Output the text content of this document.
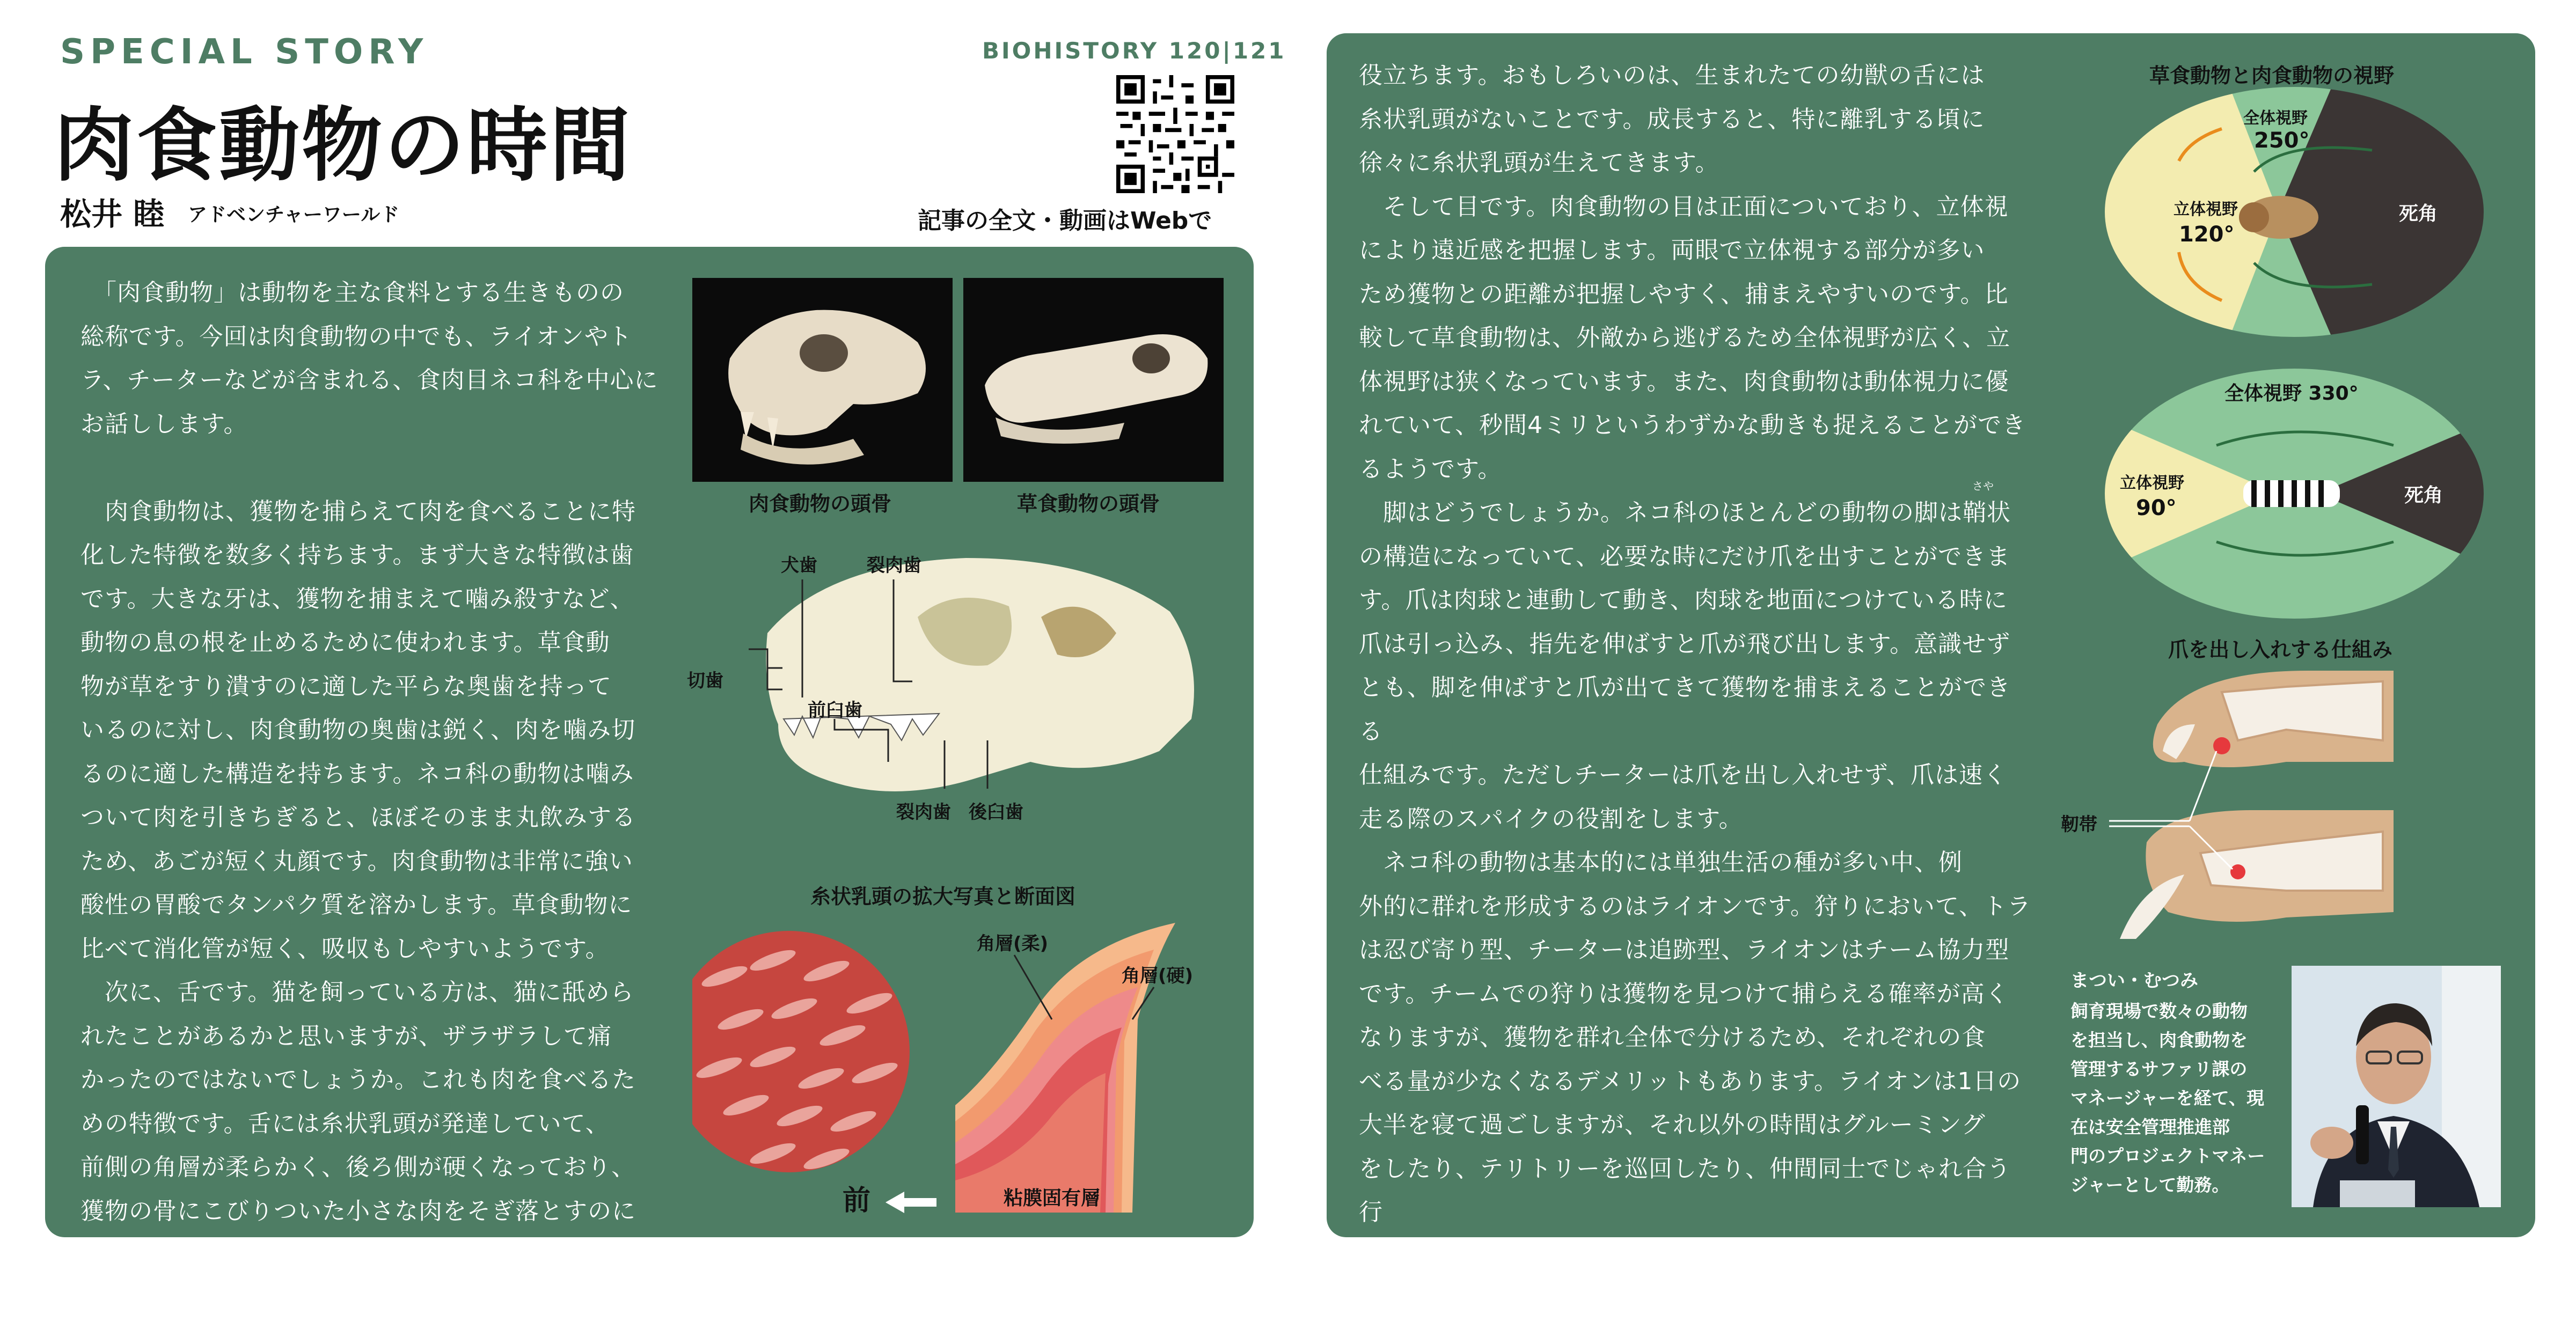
SPECIAL STORY
肉食動物の時間
松井 睦 アドベンチャーワールド
BIOHISTORY 120|121
記事の全文・動画はWebで

　「肉食動物」は動物を主な食料とする生きものの
総称です。今回は肉食動物の中でも、ライオンやト
ラ、チーターなどが含まれる、食肉目ネコ科を中心に
お話しします。

　肉食動物は、獲物を捕らえて肉を食べることに特
化した特徴を数多く持ちます。まず大きな特徴は歯
です。大きな牙は、獲物を捕まえて噛み殺すなど、
動物の息の根を止めるために使われます。草食動
物が草をすり潰すのに適した平らな奥歯を持って
いるのに対し、肉食動物の奥歯は鋭く、肉を噛み切
るのに適した構造を持ちます。ネコ科の動物は噛み
ついて肉を引きちぎると、ほぼそのまま丸飲みする
ため、あごが短く丸顔です。肉食動物は非常に強い
酸性の胃酸でタンパク質を溶かします。草食動物に
比べて消化管が短く、吸収もしやすいようです。
　次に、舌です。猫を飼っている方は、猫に舐めら
れたことがあるかと思いますが、ザラザラして痛
かったのではないでしょうか。これも肉を食べるた
めの特徴です。舌には糸状乳頭が発達していて、
前側の角層が柔らかく、後ろ側が硬くなっており、
獲物の骨にこびりついた小さな肉をそぎ落とすのに

肉食動物の頭骨	草食動物の頭骨
犬歯	裂肉歯
切歯
前臼歯
裂肉歯 後臼歯
糸状乳頭の拡大写真と断面図
角層(柔)
角層(硬)
粘膜固有層
前

役立ちます。おもしろいのは、生まれたての幼獣の舌には
糸状乳頭がないことです。成長すると、特に離乳する頃に
徐々に糸状乳頭が生えてきます。
　そして目です。肉食動物の目は正面についており、立体視
により遠近感を把握します。両眼で立体視する部分が多い
ため獲物との距離が把握しやすく、捕まえやすいのです。比
較して草食動物は、外敵から逃げるため全体視野が広く、立
体視野は狭くなっています。また、肉食動物は動体視力に優
れていて、秒間4ミリというわずかな動きも捉えることができ
るようです。
　脚はどうでしょうか。ネコ科のほとんどの動物の脚は鞘状
の構造になっていて、必要な時にだけ爪を出すことができま
す。爪は肉球と連動して動き、肉球を地面につけている時に
爪は引っ込み、指先を伸ばすと爪が飛び出します。意識せず
とも、脚を伸ばすと爪が出てきて獲物を捕まえることができる
仕組みです。ただしチーターは爪を出し入れせず、爪は速く
走る際のスパイクの役割をします。
　ネコ科の動物は基本的には単独生活の種が多い中、例
外的に群れを形成するのはライオンです。狩りにおいて、トラ
は忍び寄り型、チーターは追跡型、ライオンはチーム協力型
です。チームでの狩りは獲物を見つけて捕らえる確率が高く
なりますが、獲物を群れ全体で分けるため、それぞれの食
べる量が少なくなるデメリットもあります。ライオンは1日の
大半を寝て過ごしますが、それ以外の時間はグルーミング
をしたり、テリトリーを巡回したり、仲間同士でじゃれ合う行
動をとります。特に幼獣にとっては、体力作りとともに相手
との力関係を学ぶため、じゃれ合いの時間が大事なのです。

さや
草食動物と肉食動物の視野
立体視野
120°
全体視野
250°
死角
全体視野 330°
立体視野
90°
死角
爪を出し入れする仕組み
靭帯
まつい・むつみ

飼育現場で数々の動物
を担当し、肉食動物を
管理するサファリ課の
マネージャーを経て、現
在は安全管理推進部
門のプロジェクトマネー
ジャーとして勤務。
